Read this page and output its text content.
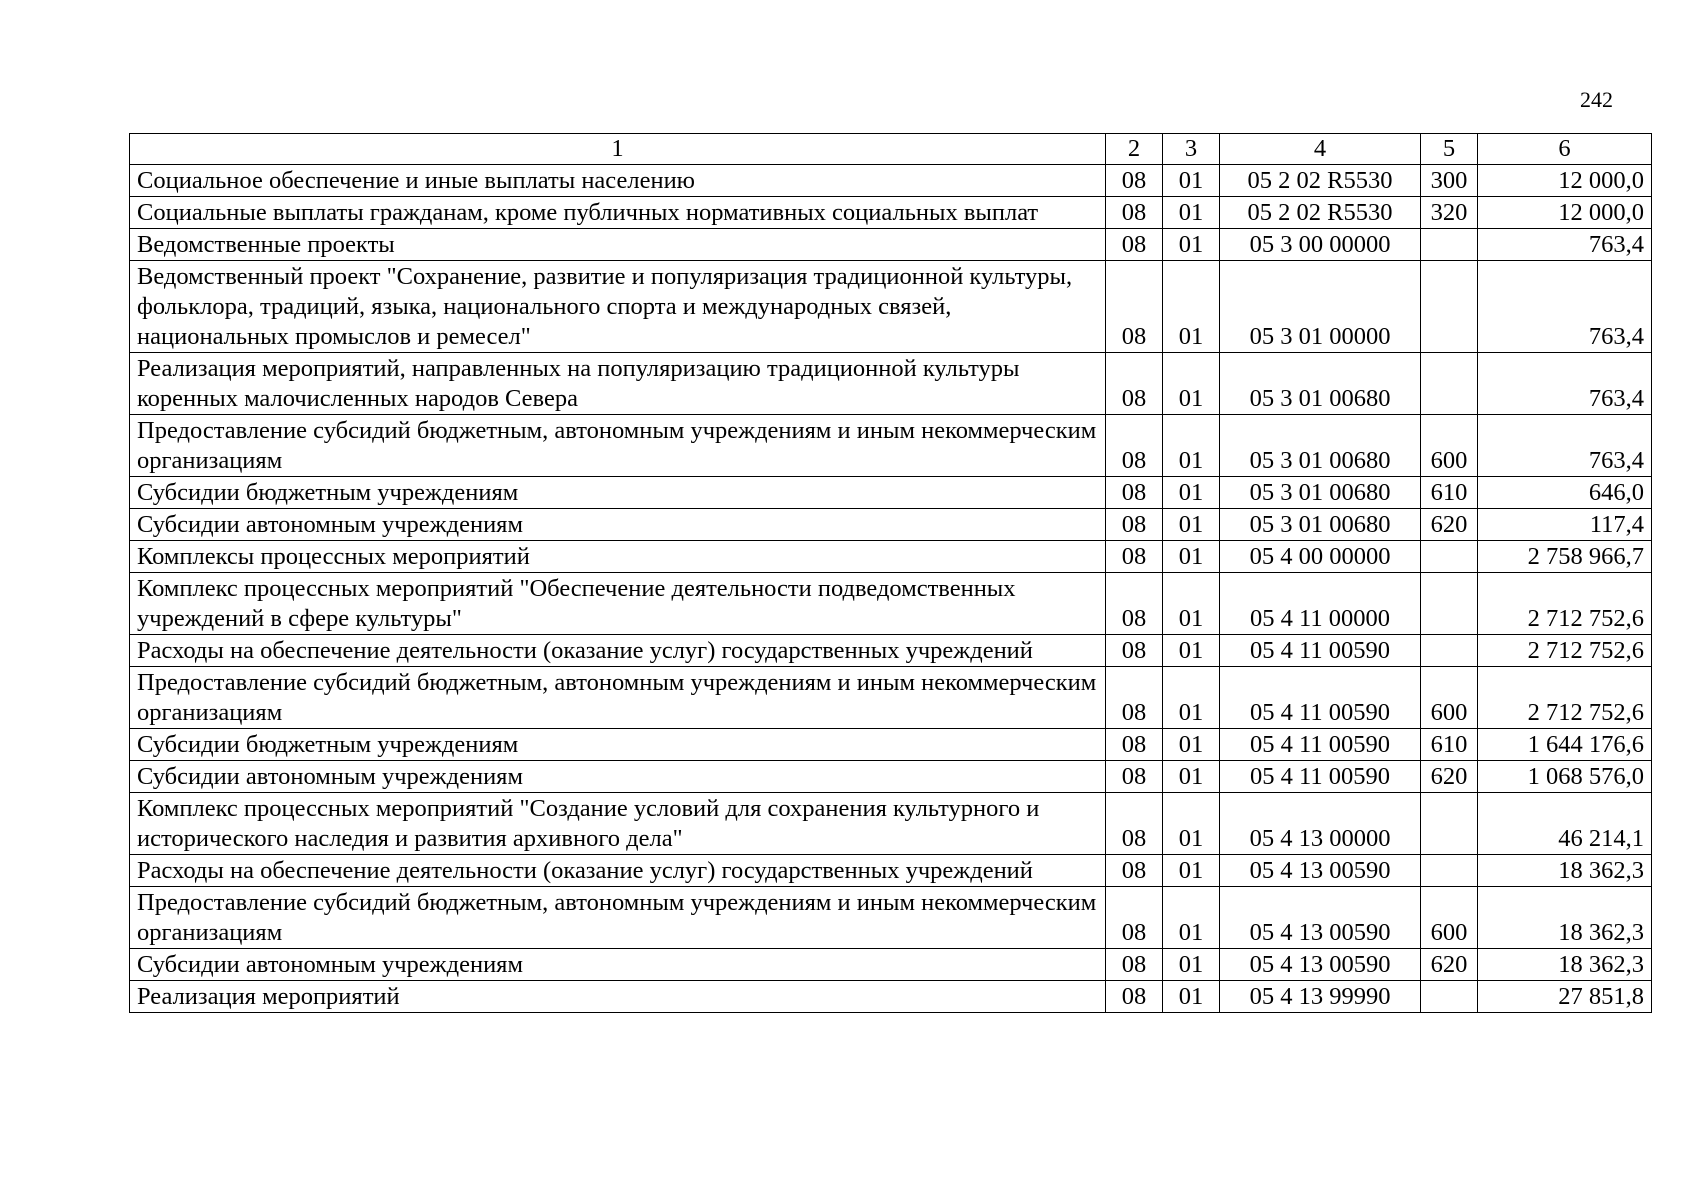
242
1	2	3	4	5	6
Социальное обеспечение и иные выплаты населению	08	01	05 2 02 R5530	300	12 000,0
Социальные выплаты гражданам, кроме публичных нормативных социальных выплат	08	01	05 2 02 R5530	320	12 000,0
Ведомственные проекты	08	01	05 3 00 00000		763,4
Ведомственный проект "Сохранение, развитие и популяризация традиционной культуры, фольклора, традиций, языка, национального спорта и международных связей, национальных промыслов и ремесел"	08	01	05 3 01 00000		763,4
Реализация мероприятий, направленных на популяризацию традиционной культуры коренных малочисленных народов Севера	08	01	05 3 01 00680		763,4
Предоставление субсидий бюджетным, автономным учреждениям и иным некоммерческим организациям	08	01	05 3 01 00680	600	763,4
Субсидии бюджетным учреждениям	08	01	05 3 01 00680	610	646,0
Субсидии автономным учреждениям	08	01	05 3 01 00680	620	117,4
Комплексы процессных мероприятий	08	01	05 4 00 00000		2 758 966,7
Комплекс процессных мероприятий "Обеспечение деятельности подведомственных учреждений в сфере культуры"	08	01	05 4 11 00000		2 712 752,6
Расходы на обеспечение деятельности (оказание услуг) государственных учреждений	08	01	05 4 11 00590		2 712 752,6
Предоставление субсидий бюджетным, автономным учреждениям и иным некоммерческим организациям	08	01	05 4 11 00590	600	2 712 752,6
Субсидии бюджетным учреждениям	08	01	05 4 11 00590	610	1 644 176,6
Субсидии автономным учреждениям	08	01	05 4 11 00590	620	1 068 576,0
Комплекс процессных мероприятий "Создание условий для сохранения культурного и исторического наследия и развития архивного дела"	08	01	05 4 13 00000		46 214,1
Расходы на обеспечение деятельности (оказание услуг) государственных учреждений	08	01	05 4 13 00590		18 362,3
Предоставление субсидий бюджетным, автономным учреждениям и иным некоммерческим организациям	08	01	05 4 13 00590	600	18 362,3
Субсидии автономным учреждениям	08	01	05 4 13 00590	620	18 362,3
Реализация мероприятий	08	01	05 4 13 99990		27 851,8
